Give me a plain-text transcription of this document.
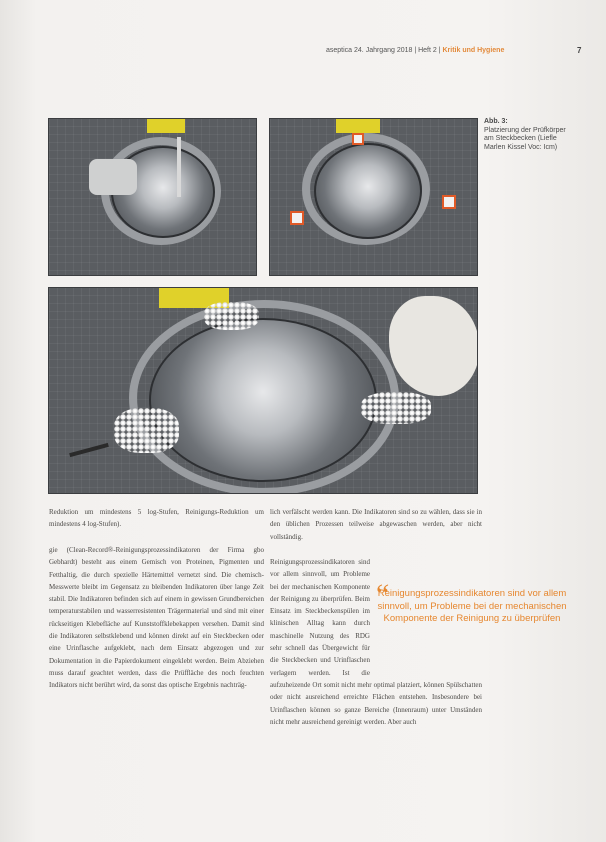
aseptica 24. Jahrgang 2018 | Heft 2 | Kritik und Hygiene	7
Abb. 3:
Platzierung der Prüfkörper am Steckbecken (Liefle Marlen Kissel Voc: Icm)

Reduktion um mindestens 5 log-Stufen, Reinigungs-Reduktion um mindestens 4 log-Stufen).

gie (Clean-Record®-Reinigungsprozessindikatoren der Firma gbo Gebhardt) besteht aus einem Gemisch von Proteinen, Pigmenten und Fetthaltig, die durch spezielle Härtemittel vernetzt sind. Die chemisch-Messwerte bleibt im Gegensatz zu bleibenden Indikatoren über lange Zeit stabil. Die Indikatoren befinden sich auf einem in gewissen Grundbereichen temperaturstabilen und wasserresistenten Trägermaterial und sind mit einer rückseitigen Klebefläche auf Kunststoffklebekappen versehen. Damit sind die Indikatoren selbstklebend und können direkt auf ein Steckbecken oder eine Urinflasche aufgeklebt, nach dem Einsatz abgezogen und zur Dokumentation in die Papierdokument eingeklebt werden. Beim Abziehen muss darauf geachtet werden, dass die Prüffläche des noch feuchten Indikators nicht berührt wird, da sonst das optische Ergebnis nachträg-

lich verfälscht werden kann. Die Indikatoren sind so zu wählen, dass sie in den üblichen Prozessen teilweise abgewaschen werden, aber nicht vollständig.

Reinigungsprozessindikatoren sind vor allem sinnvoll, um Probleme bei der mechanischen Komponente der Reinigung zu überprüfen. Beim Einsatz im Steckbeckenspülen im klinischen Alltag kann durch maschinelle Nutzung des RDG sehr schnell das Übergewicht für die Steckbecken und Urinflaschen verlagern werden. Ist die aufzuheizende Ort somit nicht mehr optimal platziert, können Spülschatten oder nicht ausreichend erreichte Flächen entstehen. Insbesondere bei Urinflaschen können so ganze Bereiche (Innenraum) unter Umständen nicht mehr ausreichend gereinigt werden. Aber auch

“
Reinigungsprozessindikatoren sind vor allem sinnvoll, um Probleme bei der mechanischen Komponente der Reinigung zu überprüfen
